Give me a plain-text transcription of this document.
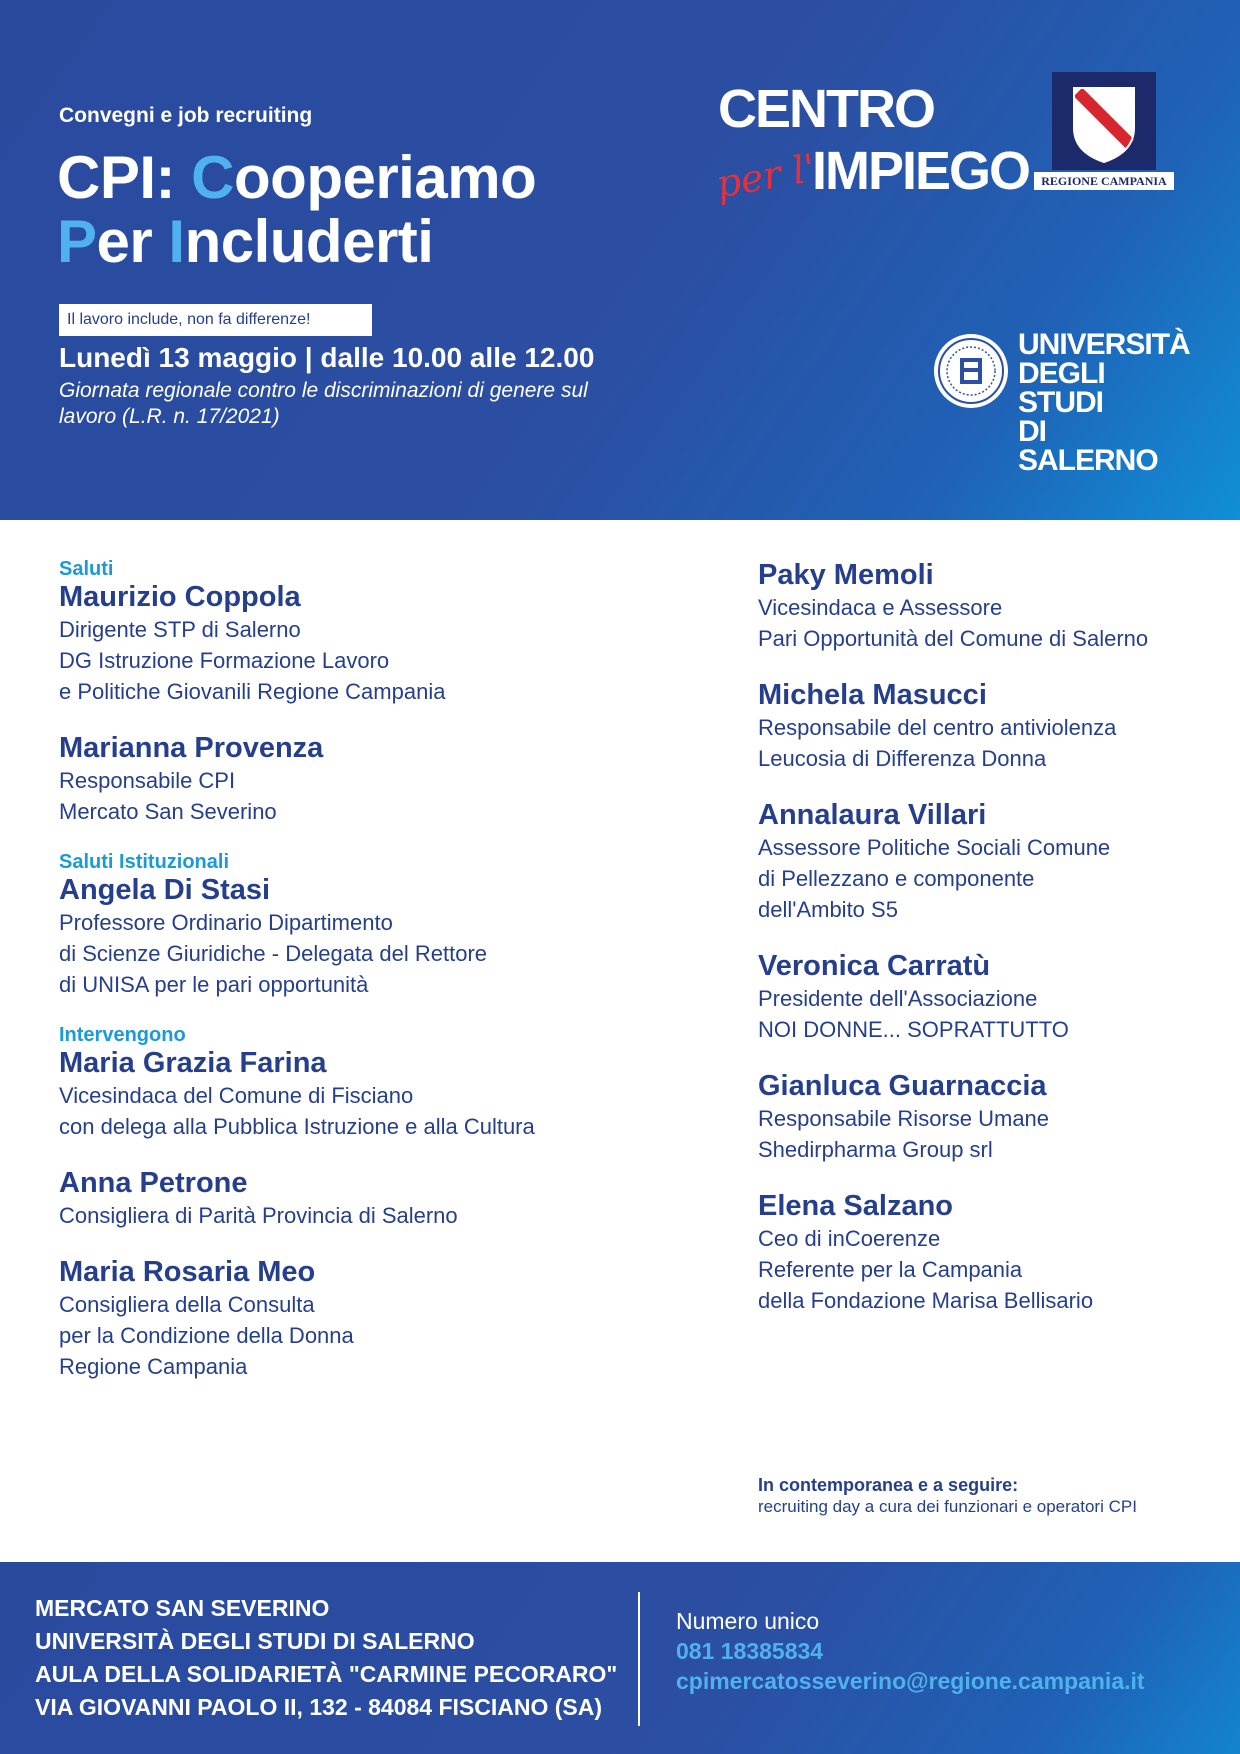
Convegni e job recruiting
CPI: Cooperiamo
Per Includerti
Il lavoro include, non fa differenze!
Lunedì 13 maggio | dalle 10.00 alle 12.00
Giornata regionale contro le discriminazioni di genere sul lavoro (L.R. n. 17/2021)
CENTRO
per l'
IMPIEGO	REGIONE CAMPANIA
UNIVERSITÀ
DEGLI STUDI
DI SALERNO
Saluti
Maurizio Coppola
Dirigente STP di Salerno
DG Istruzione Formazione Lavoro
e Politiche Giovanili Regione Campania
Marianna Provenza
Responsabile CPI
Mercato San Severino
Saluti Istituzionali
Angela Di Stasi
Professore Ordinario Dipartimento
di Scienze Giuridiche - Delegata del Rettore
di UNISA per le pari opportunità
Intervengono
Maria Grazia Farina
Vicesindaca del Comune di Fisciano
con delega alla Pubblica Istruzione e alla Cultura
Anna Petrone
Consigliera di Parità Provincia di Salerno
Maria Rosaria Meo
Consigliera della Consulta
per la Condizione della Donna
Regione Campania
Paky Memoli
Vicesindaca e Assessore
Pari Opportunità del Comune di Salerno
Michela Masucci
Responsabile del centro antiviolenza
Leucosia di Differenza Donna
Annalaura Villari
Assessore Politiche Sociali Comune
di Pellezzano e componente
dell'Ambito S5
Veronica Carratù
Presidente dell'Associazione
NOI DONNE... SOPRATTUTTO
Gianluca Guarnaccia
Responsabile Risorse Umane
Shedirpharma Group srl
Elena Salzano
Ceo di inCoerenze
Referente per la Campania
della Fondazione Marisa Bellisario
In contemporanea e a seguire:
recruiting day a cura dei funzionari e operatori CPI
MERCATO SAN SEVERINO
UNIVERSITÀ DEGLI STUDI DI SALERNO
AULA DELLA SOLIDARIETÀ "CARMINE PECORARO"
VIA GIOVANNI PAOLO II, 132 - 84084 FISCIANO (SA)
Numero unico
081 18385834
cpimercatosseverino@regione.campania.it
